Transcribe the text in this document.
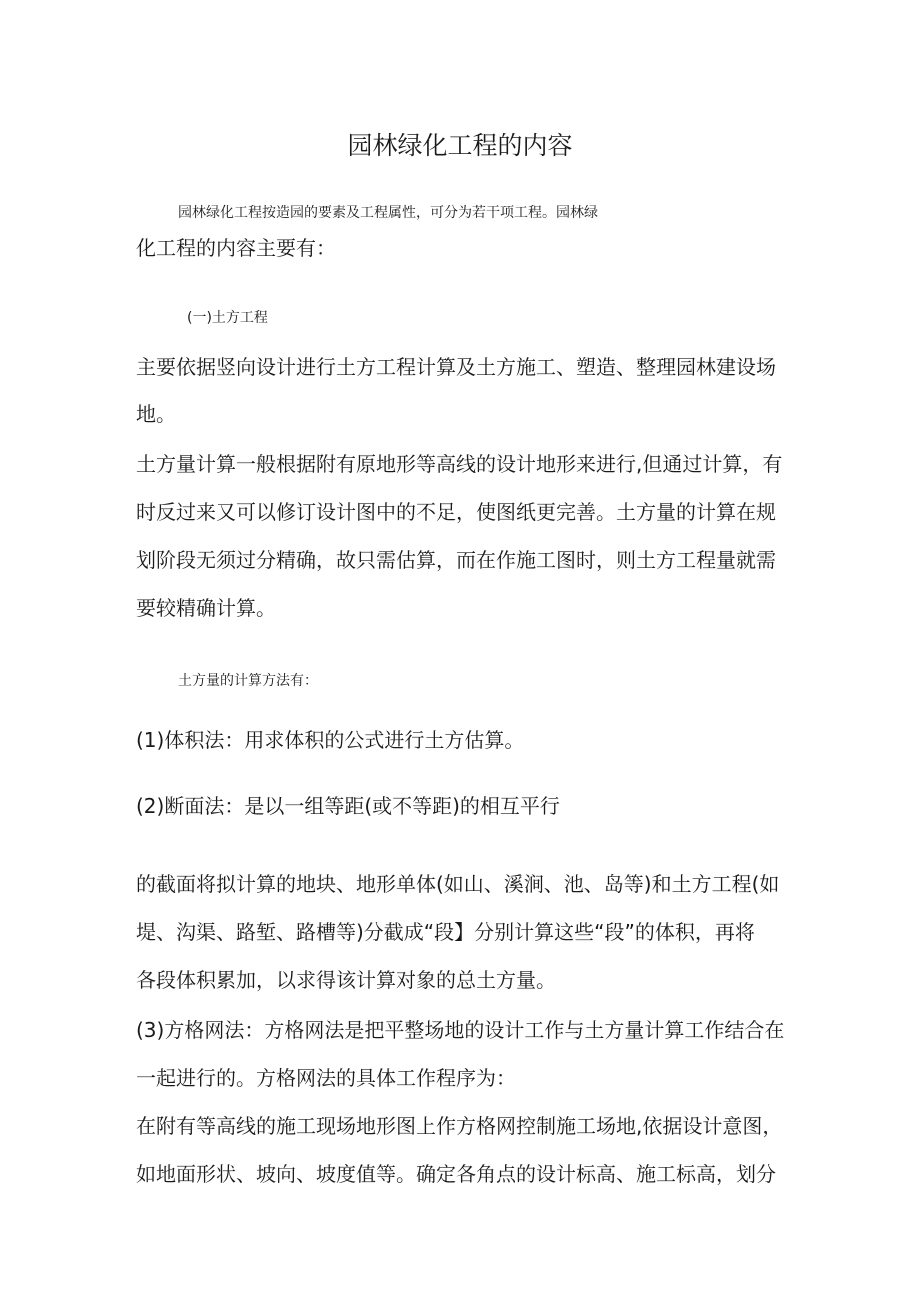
园林绿化工程的内容
园林绿化工程按造园的要素及工程属性，可分为若干项工程。园林绿
化工程的内容主要有：
(一)土方工程
主要依据竖向设计进行土方工程计算及土方施工、塑造、整理园林建设场
地。
土方量计算一般根据附有原地形等高线的设计地形来进行,但通过计算，有
时反过来又可以修订设计图中的不足，使图纸更完善。土方量的计算在规
划阶段无须过分精确，故只需估算，而在作施工图时，则土方工程量就需
要较精确计算。
土方量的计算方法有：
(1)体积法：用求体积的公式进行土方估算。
(2)断面法：是以一组等距(或不等距)的相互平行
的截面将拟计算的地块、地形单体(如山、溪涧、池、岛等)和土方工程(如
堤、沟渠、路堑、路槽等)分截成“段】分别计算这些“段”的体积，再将
各段体积累加，以求得该计算对象的总土方量。
(3)方格网法：方格网法是把平整场地的设计工作与土方量计算工作结合在
一起进行的。方格网法的具体工作程序为：
在附有等高线的施工现场地形图上作方格网控制施工场地,依据设计意图，
如地面形状、坡向、坡度值等。确定各角点的设计标高、施工标高，划分
